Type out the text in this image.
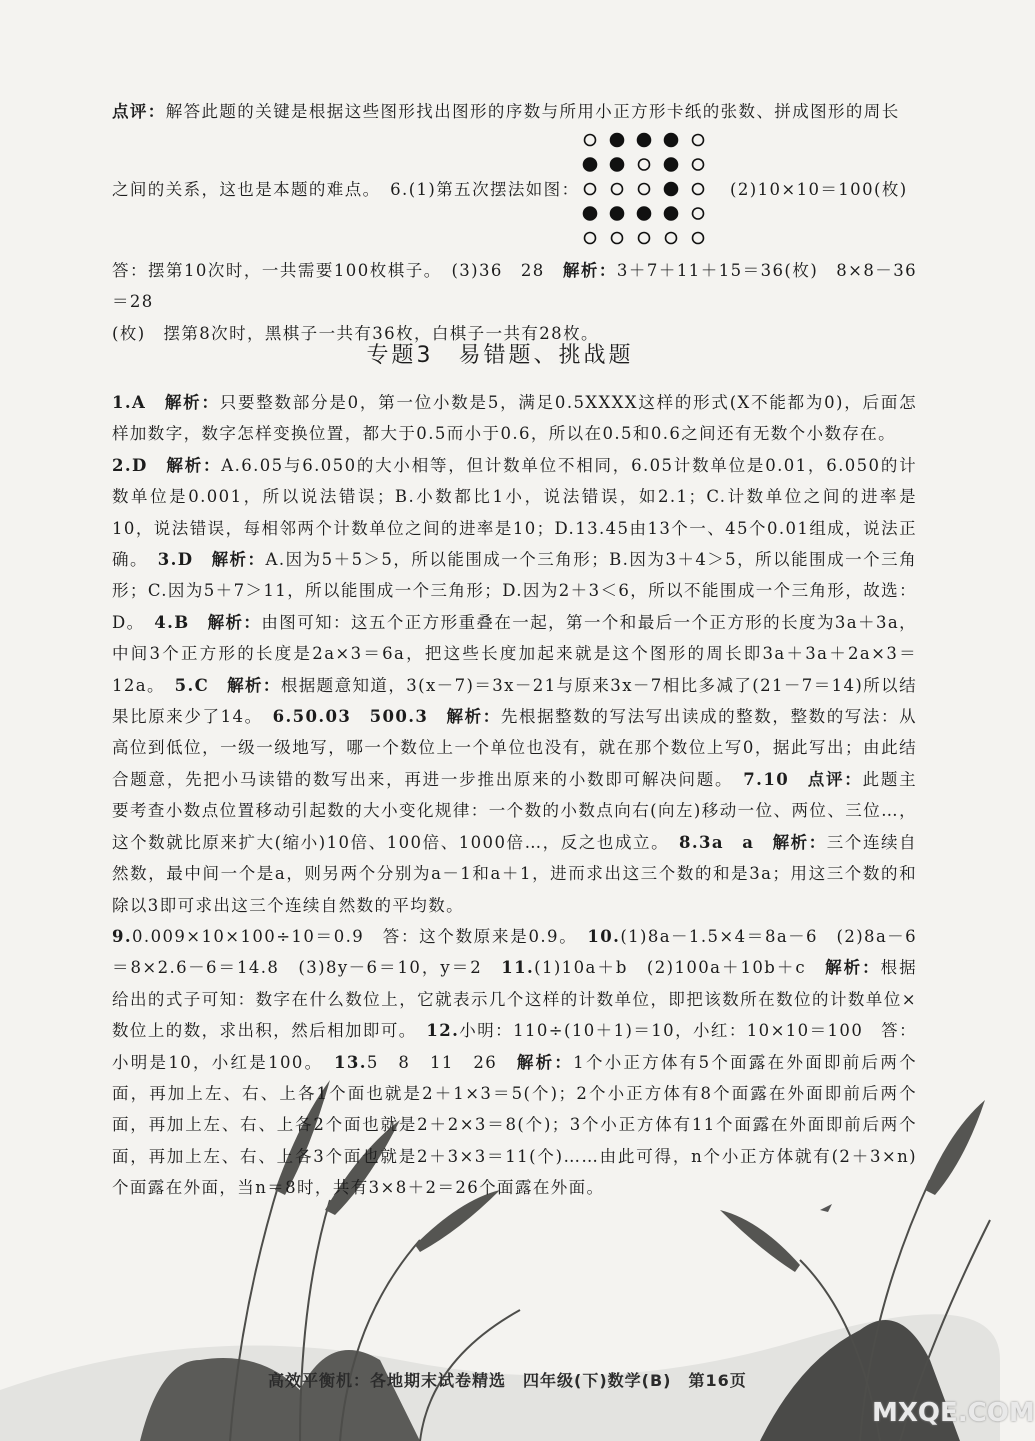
点评：解答此题的关键是根据这些图形找出图形的序数与所用小正方形卡纸的张数、拼成图形的周长

之间的关系，这也是本题的难点。　 6.(1)第五次摆法如图：	(2)10×10＝100(枚)

答：摆第10次时，一共需要100枚棋子。　(3)36　28　解析：3＋7＋11＋15＝36(枚)　8×8－36＝28
(枚)　摆第8次时，黑棋子一共有36枚，白棋子一共有28枚。

专题3　易错题、挑战题

1.A　解析：只要整数部分是0，第一位小数是5，满足0.5XXXX这样的形式(X不能都为0)，后面怎样加数字，数字怎样变换位置，都大于0.5而小于0.6，所以在0.5和0.6之间还有无数个小数存在。
2.D　解析：A.6.05与6.050的大小相等，但计数单位不相同，6.05计数单位是0.01，6.050的计数单位是0.001，所以说法错误；B.小数都比1小，说法错误，如2.1；C.计数单位之间的进率是10，说法错误，每相邻两个计数单位之间的进率是10；D.13.45由13个一、45个0.01组成，说法正确。　3.D　解析：A.因为5＋5＞5，所以能围成一个三角形；B.因为3＋4＞5，所以能围成一个三角形；C.因为5＋7＞11，所以能围成一个三角形；D.因为2＋3＜6，所以不能围成一个三角形，故选：D。　4.B　解析：由图可知：这五个正方形重叠在一起，第一个和最后一个正方形的长度为3a＋3a，中间3个正方形的长度是2a×3＝6a，把这些长度加起来就是这个图形的周长即3a＋3a＋2a×3＝12a。　5.C　解析：根据题意知道，3(x－7)＝3x－21与原来3x－7相比多减了(21－7＝14)所以结果比原来少了14。　6.50.03　500.3　解析：先根据整数的写法写出读成的整数，整数的写法：从高位到低位，一级一级地写，哪一个数位上一个单位也没有，就在那个数位上写0，据此写出；由此结合题意，先把小马读错的数写出来，再进一步推出原来的小数即可解决问题。　7.10　点评：此题主要考查小数点位置移动引起数的大小变化规律：一个数的小数点向右(向左)移动一位、两位、三位…，这个数就比原来扩大(缩小)10倍、100倍、1000倍…，反之也成立。　8.3a　a　解析：三个连续自然数，最中间一个是a，则另两个分别为a－1和a＋1，进而求出这三个数的和是3a；用这三个数的和除以3即可求出这三个连续自然数的平均数。
9.0.009×10×100÷10＝0.9　答：这个数原来是0.9。　10.(1)8a－1.5×4＝8a－6　(2)8a－6＝8×2.6－6＝14.8　(3)8y－6＝10，y＝2　11.(1)10a＋b　(2)100a＋10b＋c　解析：根据给出的式子可知：数字在什么数位上，它就表示几个这样的计数单位，即把该数所在数位的计数单位×数位上的数，求出积，然后相加即可。　12.小明：110÷(10＋1)＝10，小红：10×10＝100　答：小明是10，小红是100。　13.5　8　11　26　解析：1个小正方体有5个面露在外面即前后两个面，再加上左、右、上各1个面也就是2＋1×3＝5(个)；2个小正方体有8个面露在外面即前后两个面，再加上左、右、上各2个面也就是2＋2×3＝8(个)；3个小正方体有11个面露在外面即前后两个面，再加上左、右、上各3个面也就是2＋3×3＝11(个)……由此可得，n个小正方体就有(2＋3×n)个面露在外面，当n＝8时，共有3×8＋2＝26个面露在外面。

高效平衡机：各地期末试卷精选　四年级(下)数学(B)　第16页
MXQE.COM
